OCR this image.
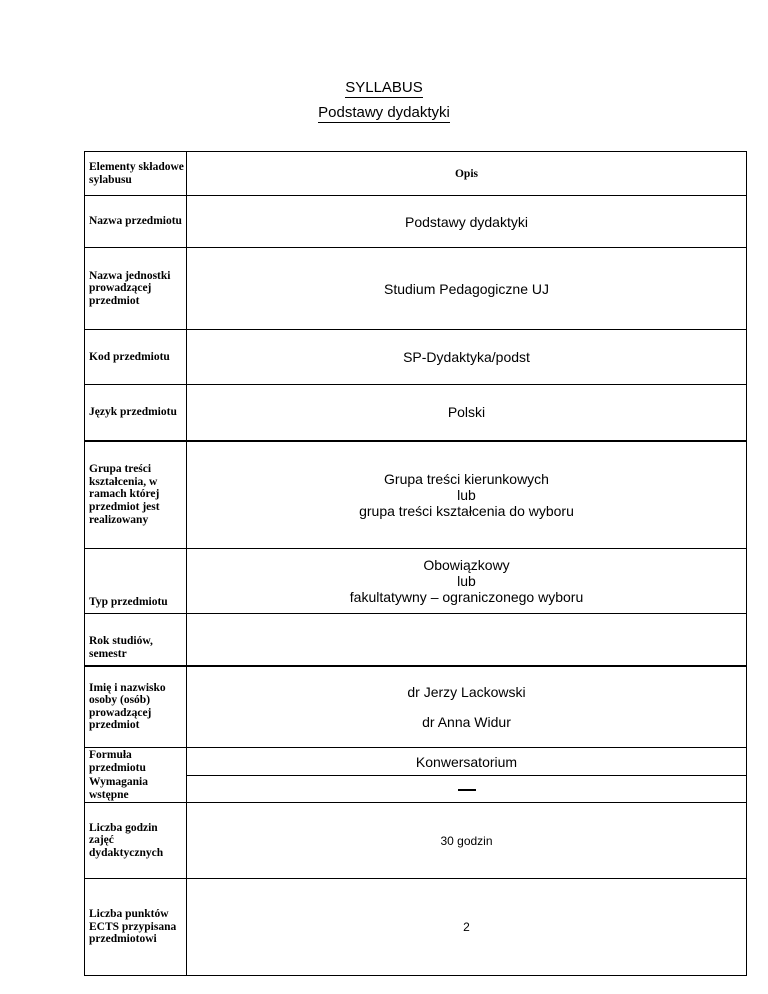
SYLLABUS
Podstawy dydaktyki
Elementy składowe sylabusu	Opis
Nazwa przedmiotu	Podstawy dydaktyki
Nazwa jednostki prowadzącej przedmiot	Studium Pedagogiczne UJ
Kod przedmiotu	SP-Dydaktyka/podst
Język przedmiotu	Polski
Grupa treści kształcenia, w ramach której przedmiot jest realizowany	Grupa treści kierunkowych
lub
grupa treści kształcenia do wyboru

Typ przedmiotu	Obowiązkowy
lub
fakultatywny – ograniczonego wyboru

Rok studiów, semestr	
Imię i nazwisko osoby (osób) prowadzącej przedmiot	dr Jerzy Lackowski
dr Anna Widur

Formuła przedmiotu	Konwersatorium
Wymagania wstępne	
Liczba godzin zajęć dydaktycznych	30 godzin
Liczba punktów ECTS przypisana przedmiotowi	2
